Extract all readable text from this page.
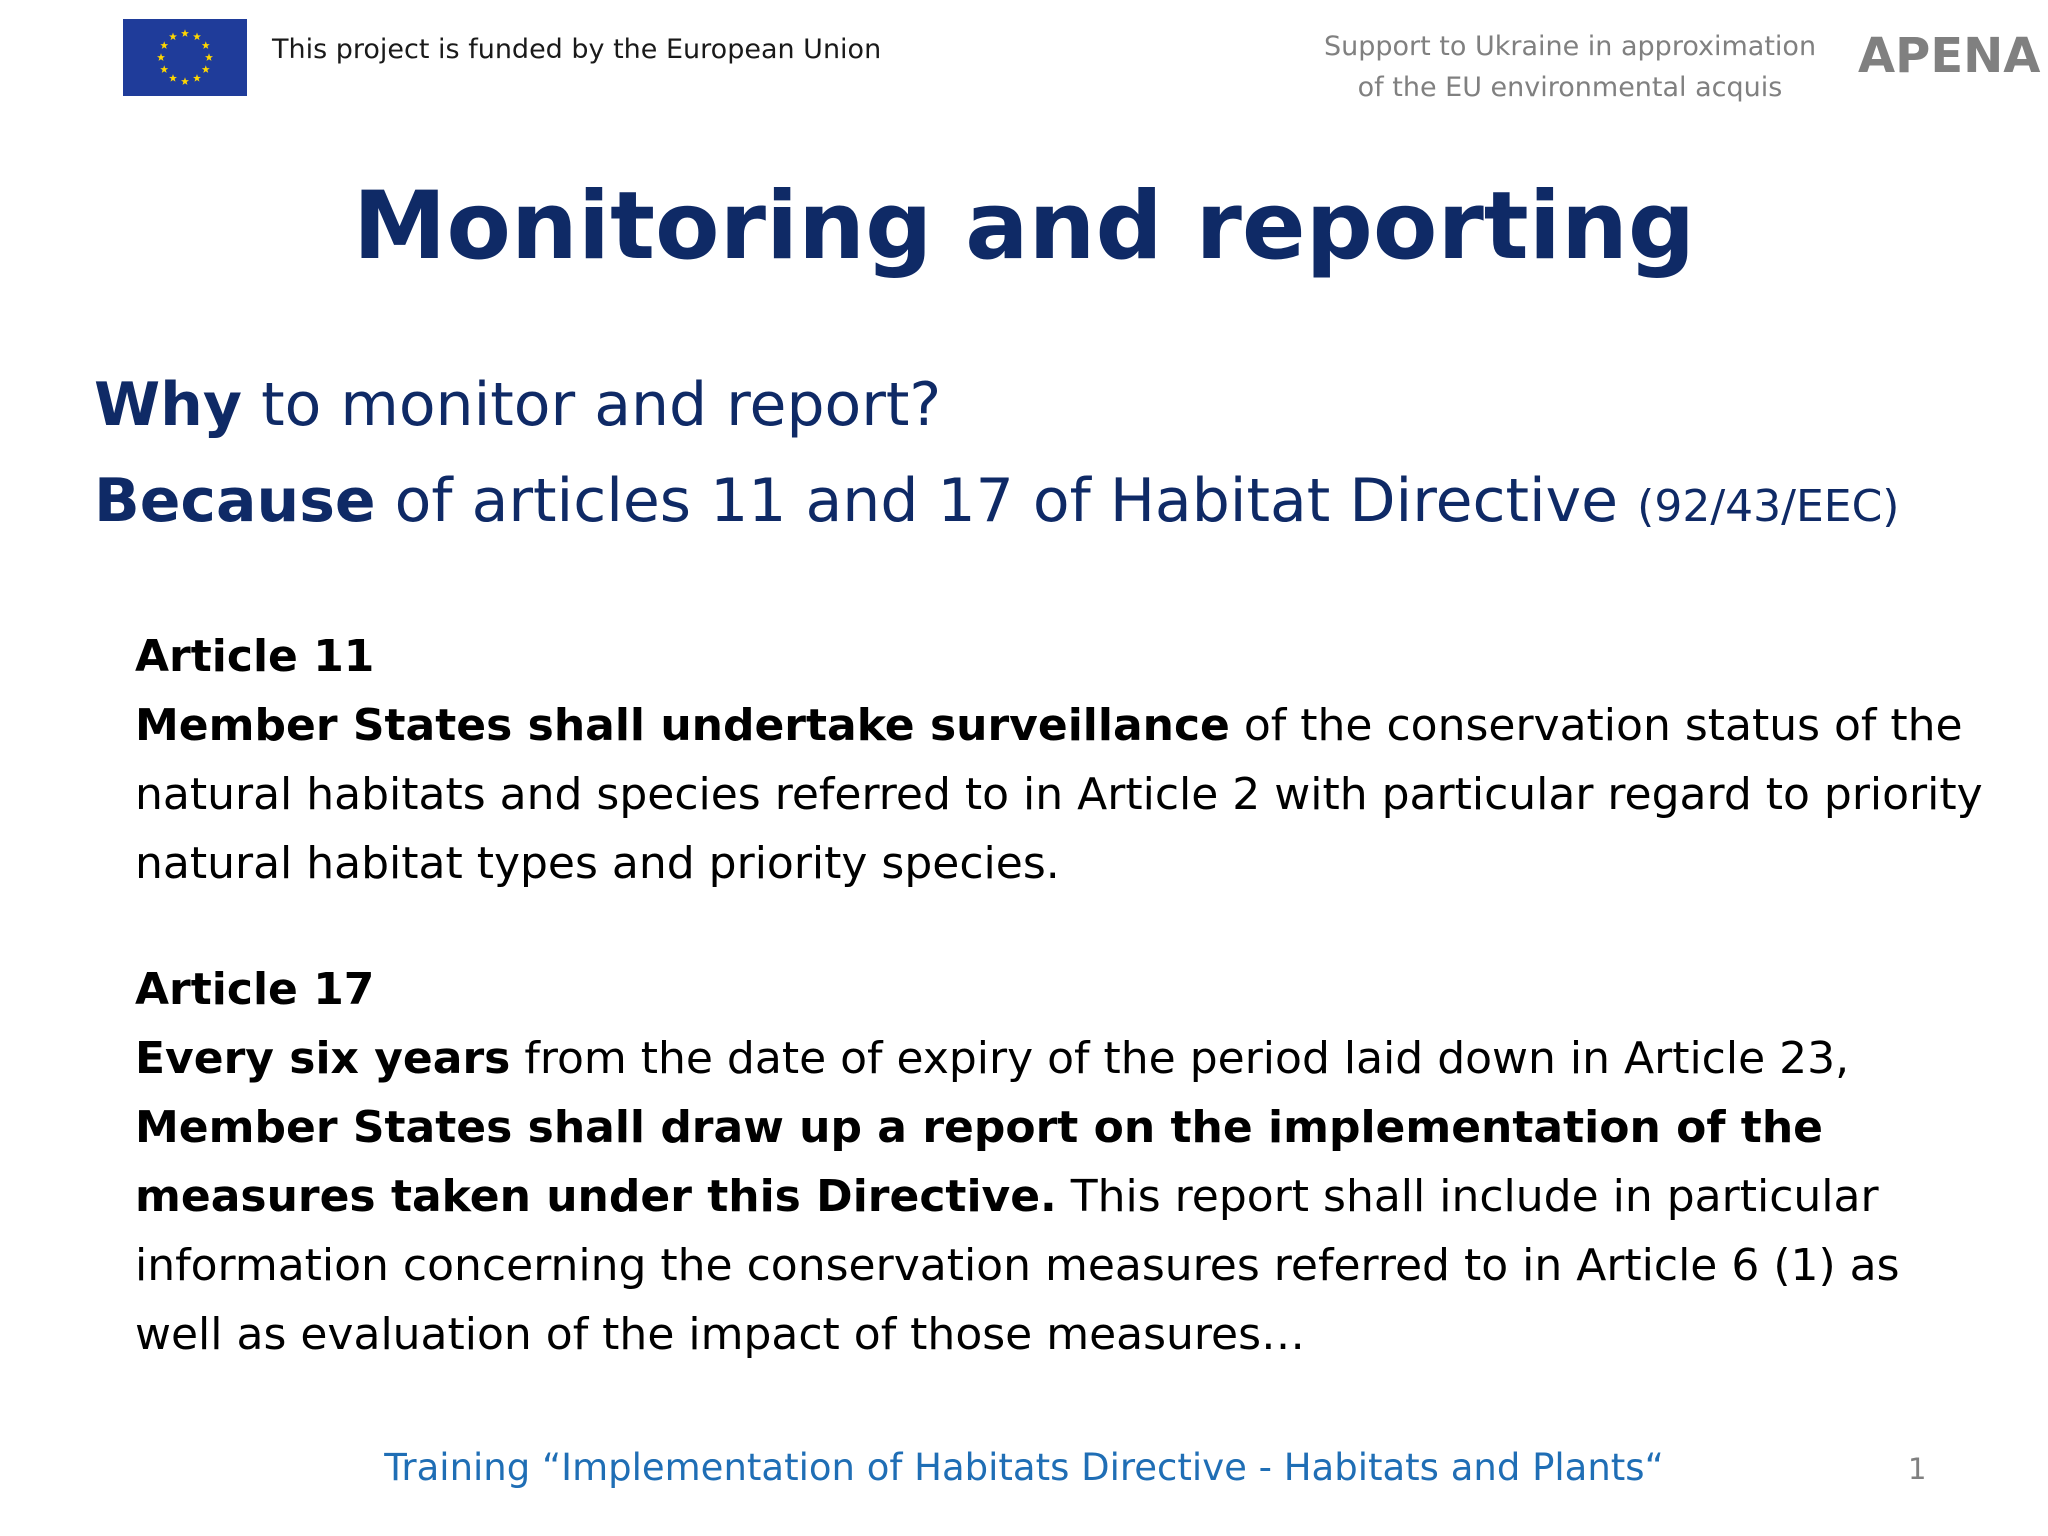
This project is funded by the European Union	Support to Ukraine in approximation
of the EU environmental acquis
APENA
Monitoring and reporting
Why to monitor and report?
Because of articles 11 and 17 of Habitat Directive (92/43/EEC)
Article 11
Member States shall undertake surveillance of the conservation status of the natural habitats and species referred to in Article 2 with particular regard to priority natural habitat types and priority species.
Article 17
Every six years from the date of expiry of the period laid down in Article 23, Member States shall draw up a report on the implementation of the measures taken under this Directive. This report shall include in particular information concerning the conservation measures referred to in Article 6 (1) as well as evaluation of the impact of those measures…
Training “Implementation of Habitats Directive - Habitats and Plants“	1
